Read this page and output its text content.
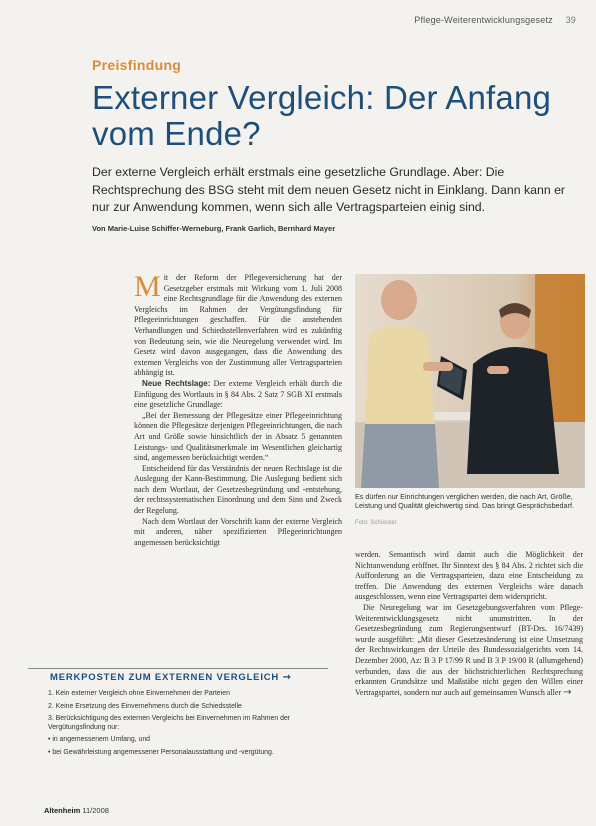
Pflege-Weiterentwicklungsgesetz 39
Preisfindung
Externer Vergleich: Der Anfang vom Ende?
Der externe Vergleich erhält erstmals eine gesetzliche Grundlage. Aber: Die Rechtsprechung des BSG steht mit dem neuen Gesetz nicht in Einklang. Dann kann er nur zur Anwendung kommen, wenn sich alle Vertragsparteien einig sind.
Von Marie-Luise Schiffer-Werneburg, Frank Garlich, Bernhard Mayer

Mit der Reform der Pflegeversicherung hat der Gesetzgeber erstmals mit Wirkung vom 1. Juli 2008 eine Rechtsgrundlage für die Anwendung des externen Vergleichs im Rahmen der Vergütungsfindung für Pflegeeinrichtungen geschaffen. Für die anstehenden Verhandlungen und Schiedsstellenverfahren wird es zukünftig von Bedeutung sein, wie die Neuregelung verwendet wird. Im Gesetz wird davon ausgegangen, dass die Anwendung des externen Vergleichs von der Zustimmung aller Vertragsparteien abhängig ist.

Neue Rechtslage: Der externe Vergleich erhält durch die Einfügung des Wortlauts in § 84 Abs. 2 Satz 7 SGB XI erstmals eine gesetzliche Grundlage:

„Bei der Bemessung der Pflegesätze einer Pflegeeinrichtung können die Pflegesätze derjenigen Pflegeeinrichtungen, die nach Art und Größe sowie hinsichtlich der in Absatz 5 genannten Leistungs- und Qualitätsmerkmale im Wesentlichen gleichartig sind, angemessen berücksichtigt werden.“

Entscheidend für das Verständnis der neuen Rechtslage ist die Auslegung der Kann-Bestimmung. Die Auslegung bedient sich nach dem Wortlaut, der Gesetzesbegründung und -entstehung, der rechtssystematischen Einordnung und dem Sinn und Zweck der Regelung.

Nach dem Wortlaut der Vorschrift kann der externe Vergleich mit anderen, näher spezifizierten Pflegeeinrichtungen angemessen berücksichtigt

Es dürfen nur Einrichtungen verglichen werden, die nach Art, Größe, Leistung und Qualität gleichwertig sind. Das bringt Gesprächsbedarf.
Foto: Schüssler

werden. Semantisch wird damit auch die Möglichkeit der Nichtanwendung eröffnet. Ihr Sinntext des § 84 Abs. 2 richtet sich die Aufforderung an die Vertragsparteien, dazu eine Entscheidung zu treffen. Die Anwendung des externen Vergleichs wäre danach ausgeschlossen, wenn eine Vertragspartei dem widerspricht.

Die Neuregelung war im Gesetzgebungsverfahren vom Pflege-Weiterentwicklungsgesetz nicht unumstritten. In der Gesetzesbegründung zum Regierungsentwurf (BT-Drs. 16/7439) wurde ausgeführt: „Mit dieser Gesetzesänderung ist eine Umsetzung der Rechtswirkungen der Urteile des Bundessozialgerichts vom 14. Dezember 2000, Az: B 3 P 17/99 R und B 3 P 19/00 R (allumgehend) verbunden, dass die aus der höchstrichterlichen Rechtsprechung erkannten Grundsätze und Maßstäbe nicht gegen den Willen einer Vertragspartei, sondern nur auch auf gemeinsamen Wunsch aller →

MERKPOSTEN ZUM EXTERNEN VERGLEICH →
1. Kein externer Vergleich ohne Einvernehmen der Parteien
2. Keine Ersetzung des Einvernehmens durch die Schiedsstelle
3. Berücksichtigung des externen Vergleichs bei Einvernehmen im Rahmen der Vergütungsfindung nur:
• in angemessenem Umfang, und
• bei Gewährleistung angemessener Personalausstattung und -vergütung.
Altenheim 11/2008
